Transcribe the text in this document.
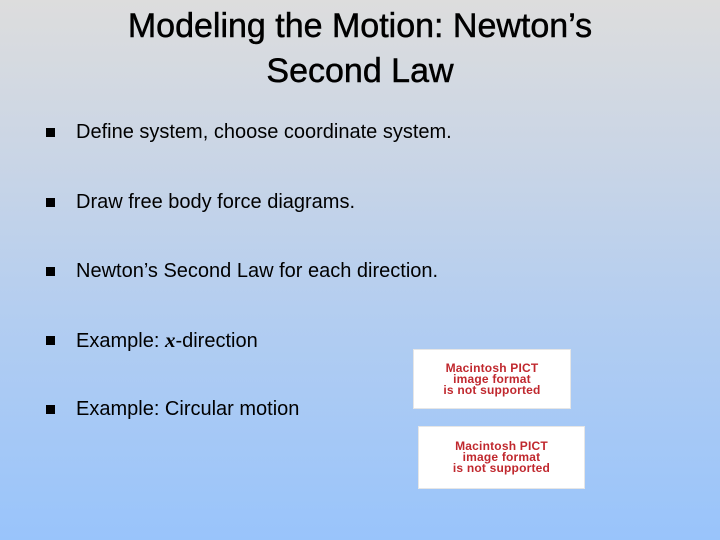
Modeling the Motion: Newton’s
Second Law
Define system, choose coordinate system.
Draw free body force diagrams.
Newton’s Second Law for each direction.
Example: x-direction
Example: Circular motion
Macintosh PICT
image format
is not supported
Macintosh PICT
image format
is not supported
